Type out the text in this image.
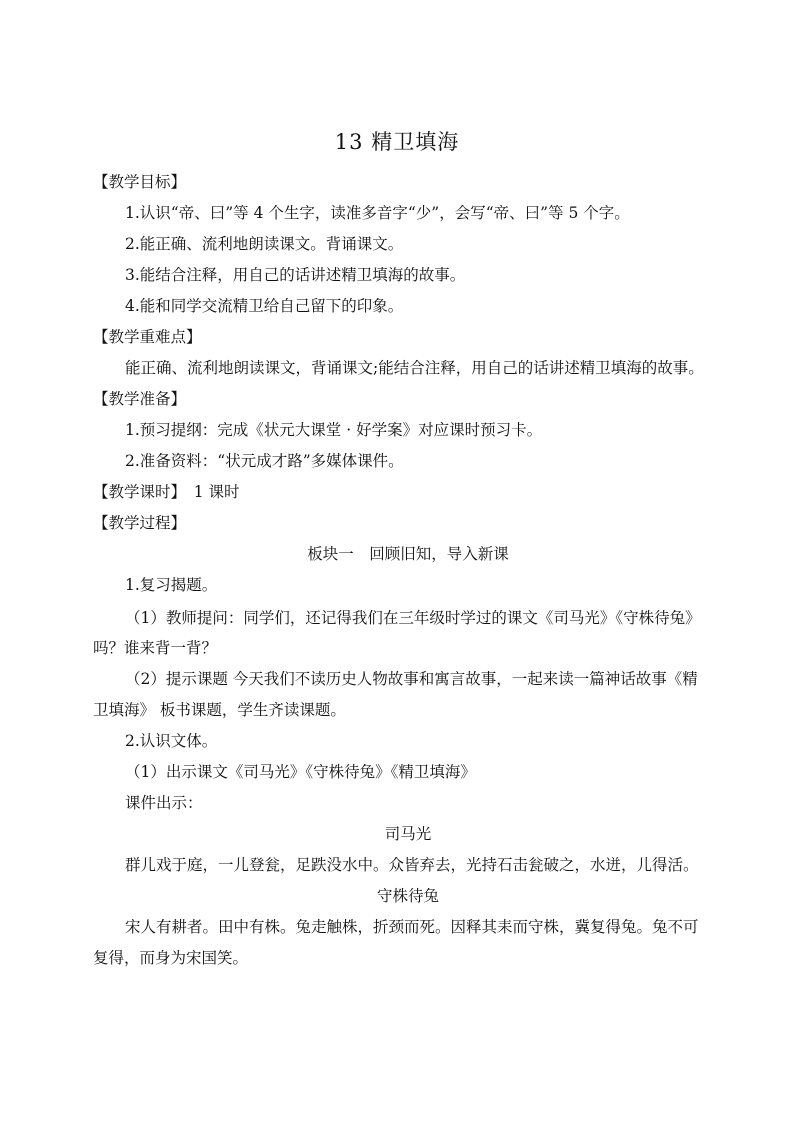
13 精卫填海
【教学目标】
1.认识“帝、曰”等 4 个生字，读准多音字“少”，会写“帝、曰”等 5 个字。
2.能正确、流利地朗读课文。背诵课文。
3.能结合注释，用自己的话讲述精卫填海的故事。
4.能和同学交流精卫给自己留下的印象。
【教学重难点】
能正确、流利地朗读课文，背诵课文;能结合注释，用自己的话讲述精卫填海的故事。
【教学准备】
1.预习提纲：完成《状元大课堂 · 好学案》对应课时预习卡。
2.准备资料：“状元成才路”多媒体课件。
【教学课时】　1 课时
【教学过程】
板块一　回顾旧知，导入新课
1.复习揭题。
（1）教师提问：同学们，还记得我们在三年级时学过的课文《司马光》《守株待兔》
吗？谁来背一背？
（2）提示课题 今天我们不读历史人物故事和寓言故事，一起来读一篇神话故事《精
卫填海》 板书课题，学生齐读课题。
2.认识文体。
（1）出示课文《司马光》《守株待兔》《精卫填海》
课件出示：
司马光
群儿戏于庭，一儿登瓮，足跌没水中。众皆弃去，光持石击瓮破之，水迸，儿得活。
守株待兔
宋人有耕者。田中有株。兔走触株，折颈而死。因释其耒而守株，冀复得兔。兔不可
复得，而身为宋国笑。
